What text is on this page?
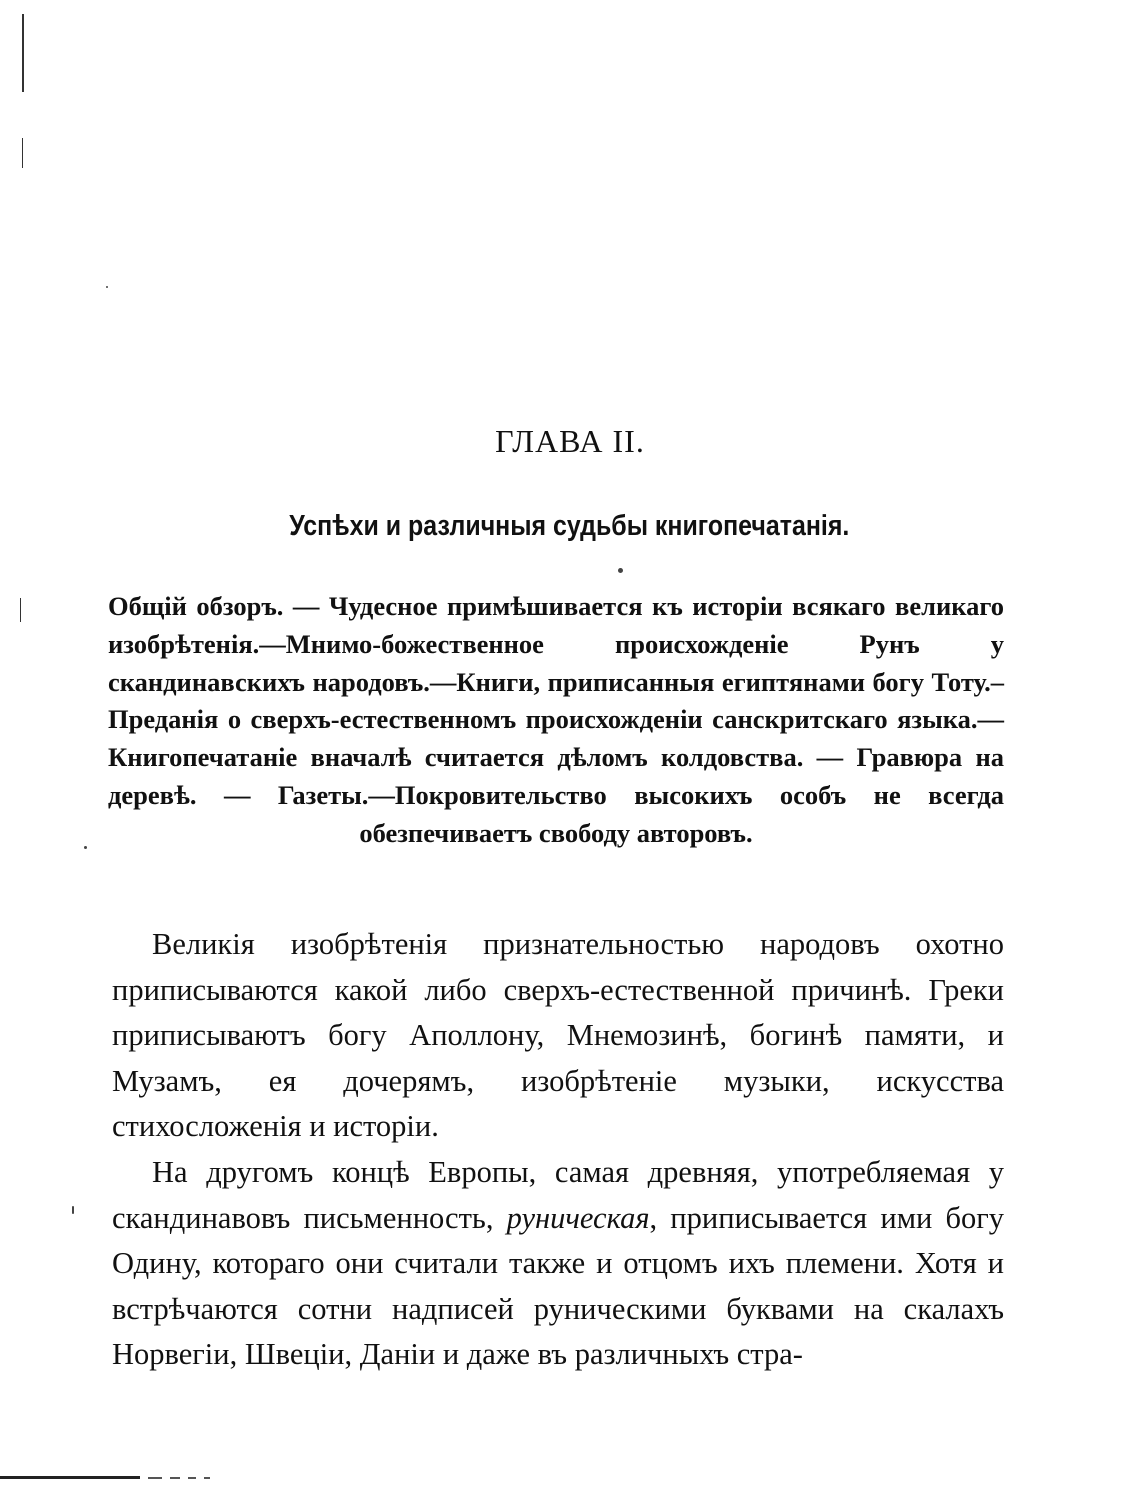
ГЛАВА II.
Успѣхи и различныя судьбы книгопечатанія.

Общій обзоръ. — Чудесное примѣшивается къ исторіи всякаго великаго изобрѣтенія.—Мнимо-божественное происхожденіе Рунъ у скандинавскихъ народовъ.—Книги, приписанныя египтянами богу Тоту.–Преданія о сверхъ-естественномъ происхожденіи санскритскаго языка.—Книгопечатаніе вначалѣ считается дѣломъ колдовства. — Гравюра на деревѣ. — Газеты.—Покровительство высокихъ особъ не всегда обезпечиваетъ свободу авторовъ.

Великія изобрѣтенія признательностью народовъ охотно приписываются какой либо сверхъ-естественной причинѣ. Греки приписываютъ богу Аполлону, Мнемозинѣ, богинѣ памяти, и Музамъ, ея дочерямъ, изобрѣтеніе музыки, искусства стихосложенія и исторіи.

На другомъ концѣ Европы, самая древняя, употребляемая у скандинавовъ письменность, руническая, приписывается ими богу Одину, котораго они считали также и отцомъ ихъ племени. Хотя и встрѣчаются сотни надписей руническими буквами на скалахъ Норвегіи, Швеціи, Даніи и даже въ различныхъ стра-
